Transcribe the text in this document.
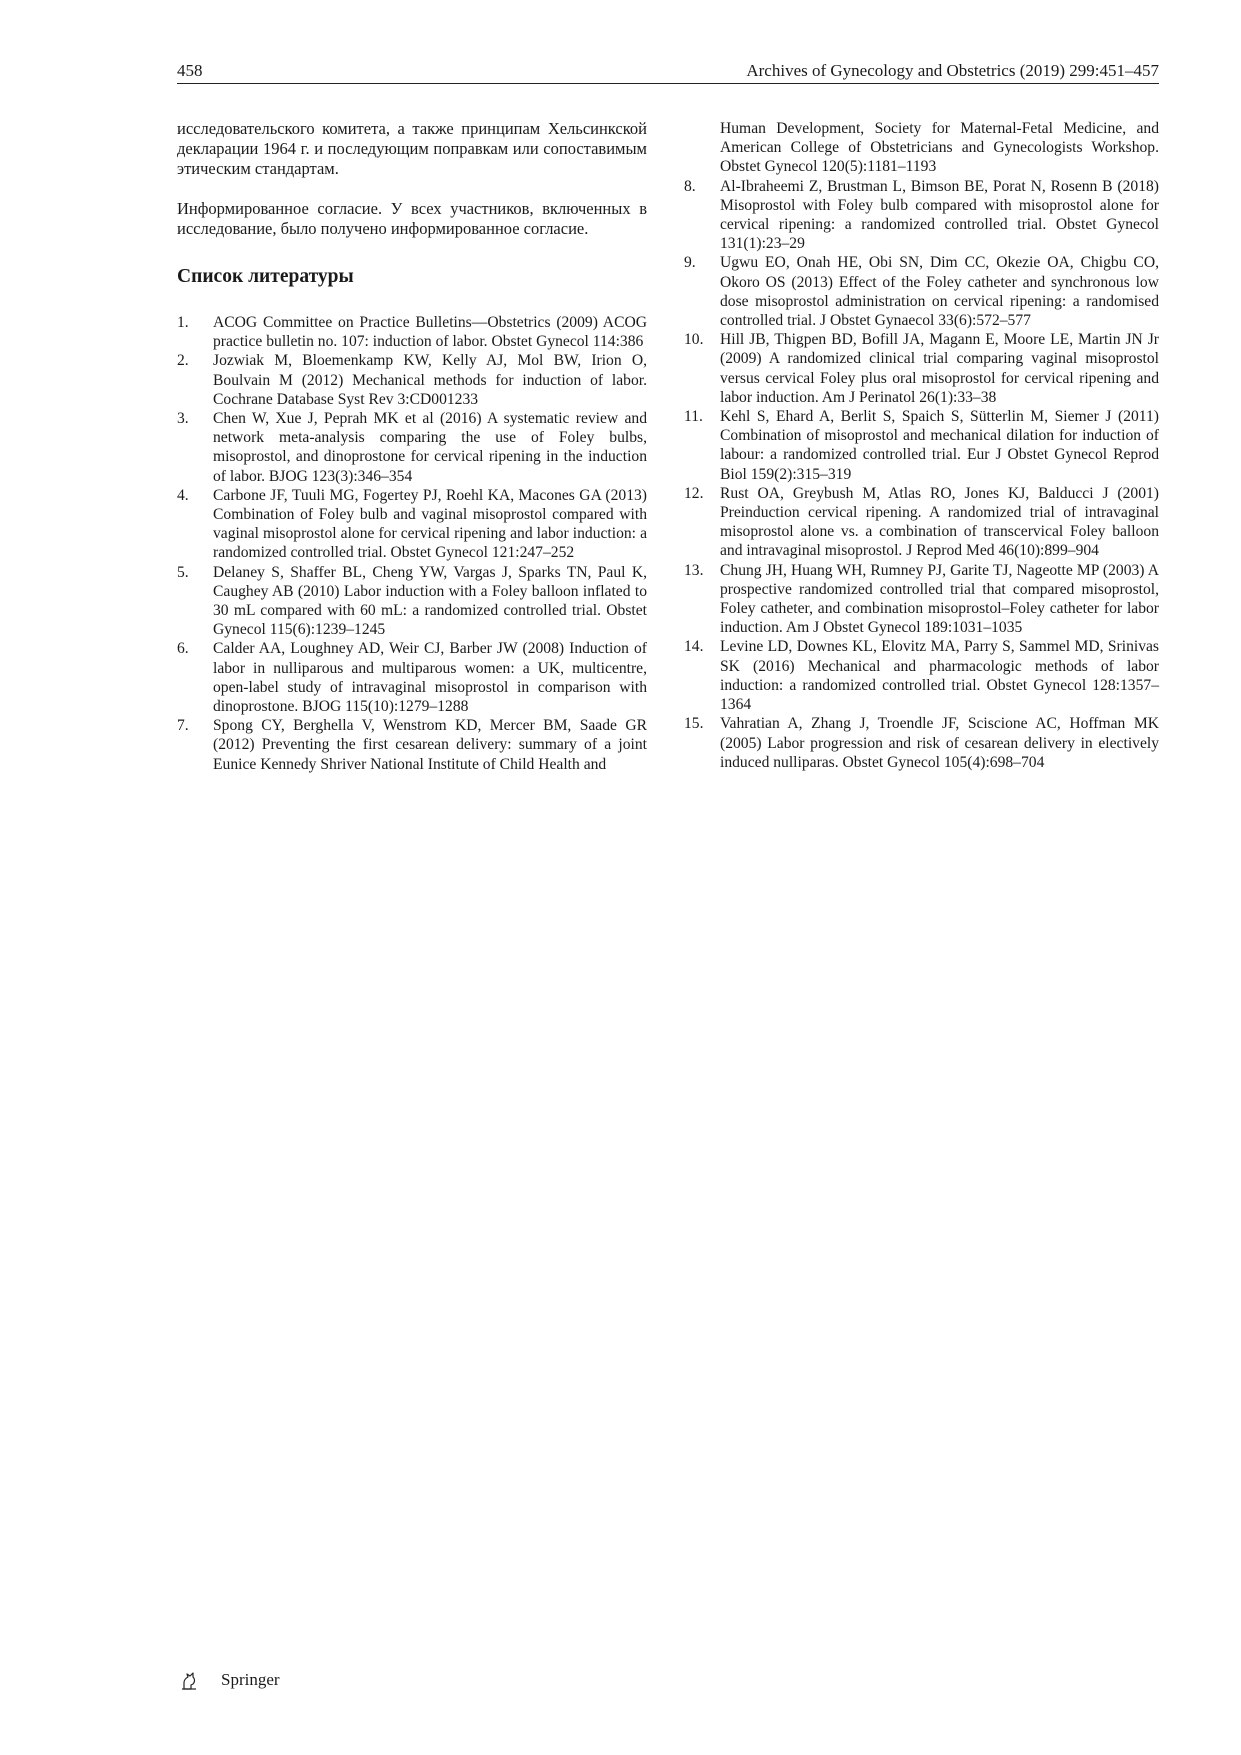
458	Archives of Gynecology and Obstetrics (2019) 299:451–457

исследовательского комитета, а также принципам Хельсинкской декларации 1964 г. и последующим поправкам или сопоставимым этическим стандартам.

Информированное согласие. У всех участников, включенных в исследование, было получено информированное согласие.

Список литературы
1. ACOG Committee on Practice Bulletins—Obstetrics (2009) ACOG practice bulletin no. 107: induction of labor. Obstet Gynecol 114:386
2. Jozwiak M, Bloemenkamp KW, Kelly AJ, Mol BW, Irion O, Boulvain M (2012) Mechanical methods for induction of labor. Cochrane Database Syst Rev 3:CD001233
3. Chen W, Xue J, Peprah MK et al (2016) A systematic review and network meta-analysis comparing the use of Foley bulbs, misoprostol, and dinoprostone for cervical ripening in the induction of labor. BJOG 123(3):346–354
4. Carbone JF, Tuuli MG, Fogertey PJ, Roehl KA, Macones GA (2013) Combination of Foley bulb and vaginal misoprostol compared with vaginal misoprostol alone for cervical ripening and labor induction: a randomized controlled trial. Obstet Gynecol 121:247–252
5. Delaney S, Shaffer BL, Cheng YW, Vargas J, Sparks TN, Paul K, Caughey AB (2010) Labor induction with a Foley balloon inflated to 30 mL compared with 60 mL: a randomized controlled trial. Obstet Gynecol 115(6):1239–1245
6. Calder AA, Loughney AD, Weir CJ, Barber JW (2008) Induction of labor in nulliparous and multiparous women: a UK, multicentre, open-label study of intravaginal misoprostol in comparison with dinoprostone. BJOG 115(10):1279–1288
7. Spong CY, Berghella V, Wenstrom KD, Mercer BM, Saade GR (2012) Preventing the first cesarean delivery: summary of a joint Eunice Kennedy Shriver National Institute of Child Health and

Human Development, Society for Maternal-Fetal Medicine, and American College of Obstetricians and Gynecologists Workshop. Obstet Gynecol 120(5):1181–1193

8. Al-Ibraheemi Z, Brustman L, Bimson BE, Porat N, Rosenn B (2018) Misoprostol with Foley bulb compared with misoprostol alone for cervical ripening: a randomized controlled trial. Obstet Gynecol 131(1):23–29
9. Ugwu EO, Onah HE, Obi SN, Dim CC, Okezie OA, Chigbu CO, Okoro OS (2013) Effect of the Foley catheter and synchronous low dose misoprostol administration on cervical ripening: a randomised controlled trial. J Obstet Gynaecol 33(6):572–577
10. Hill JB, Thigpen BD, Bofill JA, Magann E, Moore LE, Martin JN Jr (2009) A randomized clinical trial comparing vaginal misoprostol versus cervical Foley plus oral misoprostol for cervical ripening and labor induction. Am J Perinatol 26(1):33–38
11. Kehl S, Ehard A, Berlit S, Spaich S, Sütterlin M, Siemer J (2011) Combination of misoprostol and mechanical dilation for induction of labour: a randomized controlled trial. Eur J Obstet Gynecol Reprod Biol 159(2):315–319
12. Rust OA, Greybush M, Atlas RO, Jones KJ, Balducci J (2001) Preinduction cervical ripening. A randomized trial of intravaginal misoprostol alone vs. a combination of transcervical Foley balloon and intravaginal misoprostol. J Reprod Med 46(10):899–904
13. Chung JH, Huang WH, Rumney PJ, Garite TJ, Nageotte MP (2003) A prospective randomized controlled trial that compared misoprostol, Foley catheter, and combination misoprostol–Foley catheter for labor induction. Am J Obstet Gynecol 189:1031–1035
14. Levine LD, Downes KL, Elovitz MA, Parry S, Sammel MD, Srinivas SK (2016) Mechanical and pharmacologic methods of labor induction: a randomized controlled trial. Obstet Gynecol 128:1357–1364
15. Vahratian A, Zhang J, Troendle JF, Sciscione AC, Hoffman MK (2005) Labor progression and risk of cesarean delivery in electively induced nulliparas. Obstet Gynecol 105(4):698–704
Springer
